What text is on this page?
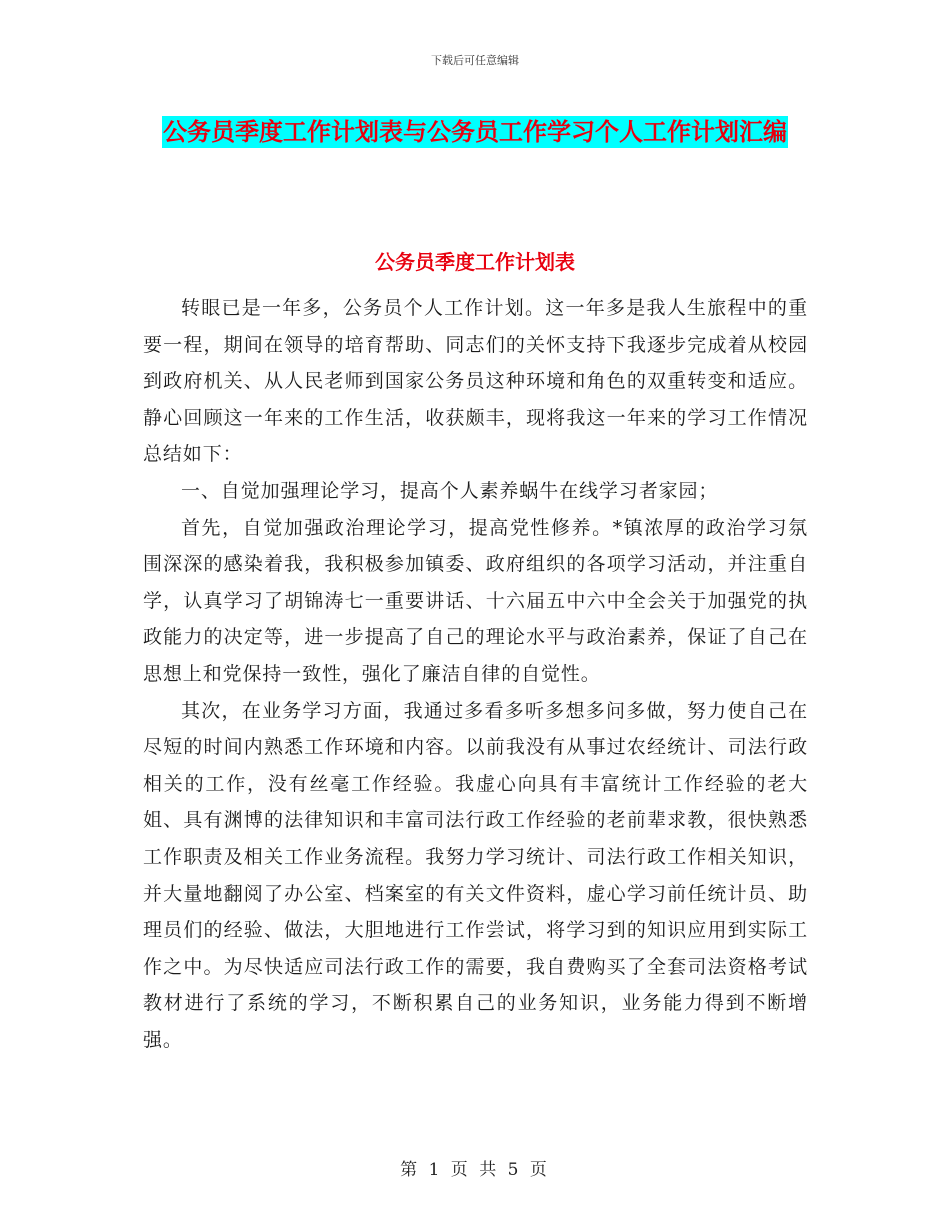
下载后可任意编辑
公务员季度工作计划表与公务员工作学习个人工作计划汇编
公务员季度工作计划表

转眼已是一年多，公务员个人工作计划。这一年多是我人生旅程中的重要一程，期间在领导的培育帮助、同志们的关怀支持下我逐步完成着从校园到政府机关、从人民老师到国家公务员这种环境和角色的双重转变和适应。静心回顾这一年来的工作生活，收获颇丰，现将我这一年来的学习工作情况总结如下：

一、自觉加强理论学习，提高个人素养蜗牛在线学习者家园；

首先，自觉加强政治理论学习，提高党性修养。*镇浓厚的政治学习氛围深深的感染着我，我积极参加镇委、政府组织的各项学习活动，并注重自学，认真学习了胡锦涛七一重要讲话、十六届五中六中全会关于加强党的执政能力的决定等，进一步提高了自己的理论水平与政治素养，保证了自己在思想上和党保持一致性，强化了廉洁自律的自觉性。

其次，在业务学习方面，我通过多看多听多想多问多做，努力使自己在尽短的时间内熟悉工作环境和内容。以前我没有从事过农经统计、司法行政相关的工作，没有丝毫工作经验。我虚心向具有丰富统计工作经验的老大姐、具有渊博的法律知识和丰富司法行政工作经验的老前辈求教，很快熟悉工作职责及相关工作业务流程。我努力学习统计、司法行政工作相关知识，并大量地翻阅了办公室、档案室的有关文件资料，虚心学习前任统计员、助理员们的经验、做法，大胆地进行工作尝试，将学习到的知识应用到实际工作之中。为尽快适应司法行政工作的需要，我自费购买了全套司法资格考试教材进行了系统的学习，不断积累自己的业务知识，业务能力得到不断增强。

第 1 页 共 5 页
